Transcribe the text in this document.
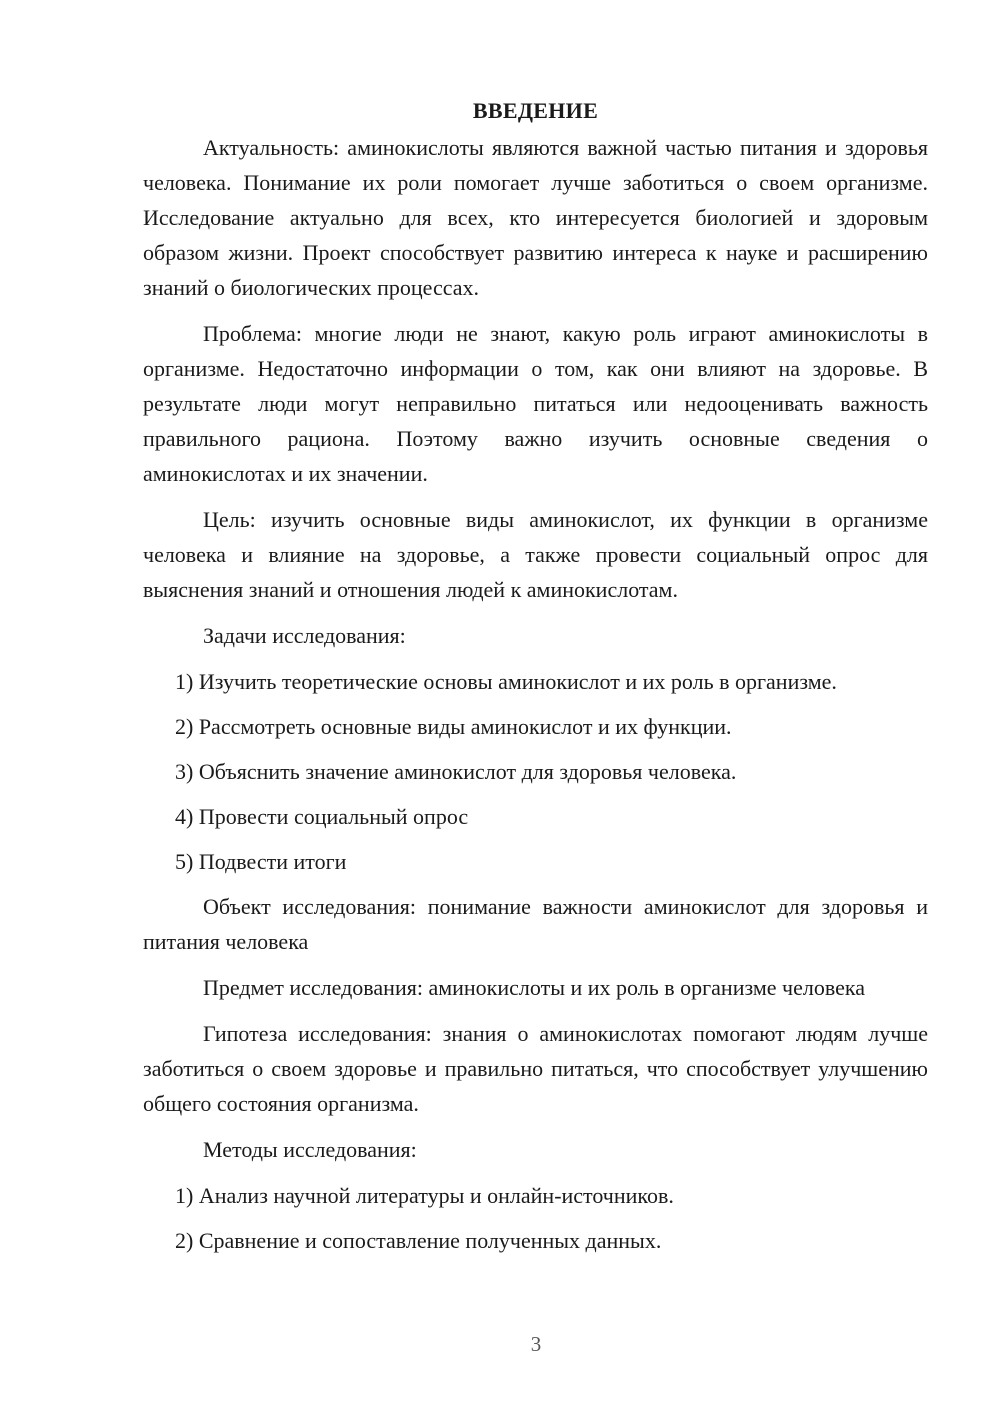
ВВЕДЕНИЕ

Актуальность: аминокислоты являются важной частью питания и здоровья человека. Понимание их роли помогает лучше заботиться о своем организме. Исследование актуально для всех, кто интересуется биологией и здоровым образом жизни. Проект способствует развитию интереса к науке и расширению знаний о биологических процессах.

Проблема: многие люди не знают, какую роль играют аминокислоты в организме. Недостаточно информации о том, как они влияют на здоровье. В результате люди могут неправильно питаться или недооценивать важность правильного рациона. Поэтому важно изучить основные сведения о аминокислотах и их значении.

Цель: изучить основные виды аминокислот, их функции в организме человека и влияние на здоровье, а также провести социальный опрос для выяснения знаний и отношения людей к аминокислотам.

Задачи исследования:

1) Изучить теоретические основы аминокислот и их роль в организме.
2) Рассмотреть основные виды аминокислот и их функции.
3) Объяснить значение аминокислот для здоровья человека.
4) Провести социальный опрос
5) Подвести итоги

Объект исследования: понимание важности аминокислот для здоровья и питания человека

Предмет исследования: аминокислоты и их роль в организме человека

Гипотеза исследования: знания о аминокислотах помогают людям лучше заботиться о своем здоровье и правильно питаться, что способствует улучшению общего состояния организма.

Методы исследования:

1) Анализ научной литературы и онлайн-источников.
2) Сравнение и сопоставление полученных данных.
3
